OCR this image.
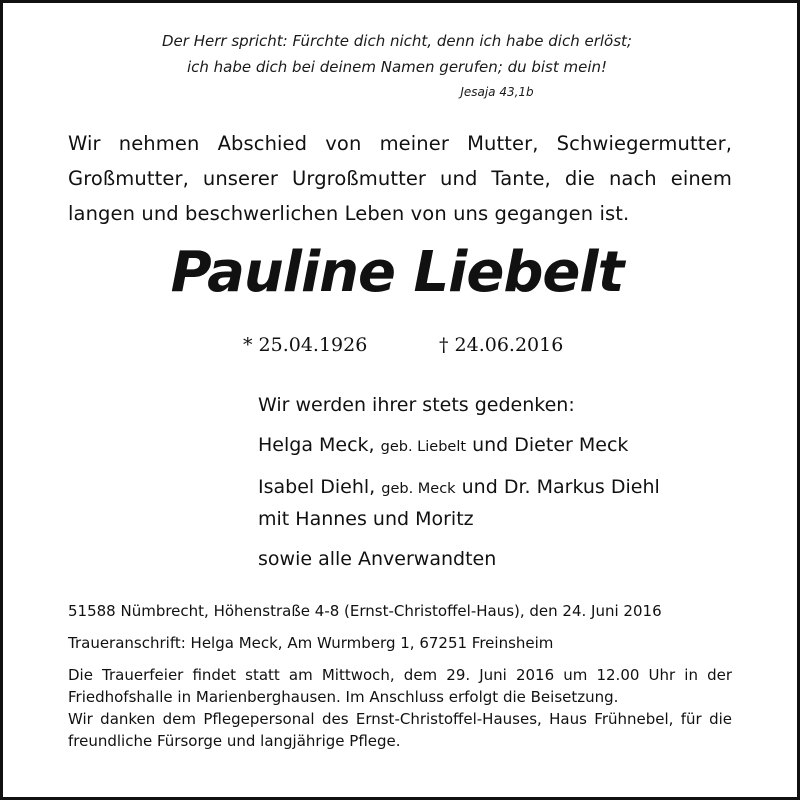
Der Herr spricht: Fürchte dich nicht, denn ich habe dich erlöst;
ich habe dich bei deinem Namen gerufen; du bist mein!
Jesaja 43,1b
Wir nehmen Abschied von meiner Mutter, Schwiegermutter, Großmutter, unserer Urgroßmutter und Tante, die nach einem langen und beschwerlichen Leben von uns gegangen ist.
Pauline Liebelt
* 25.04.1926	† 24.06.2016
Wir werden ihrer stets gedenken:
Helga Meck, geb. Liebelt und Dieter Meck
Isabel Diehl, geb. Meck und Dr. Markus Diehl
mit Hannes und Moritz
sowie alle Anverwandten
51588 Nümbrecht, Höhenstraße 4-8 (Ernst-Christoffel-Haus), den 24. Juni 2016
Traueranschrift: Helga Meck, Am Wurmberg 1, 67251 Freinsheim
Die Trauerfeier findet statt am Mittwoch, dem 29. Juni 2016 um 12.00 Uhr in der Friedhofshalle in Marienberghausen. Im Anschluss erfolgt die Beisetzung.
Wir danken dem Pflegepersonal des Ernst-Christoffel-Hauses, Haus Frühnebel, für die freundliche Fürsorge und langjährige Pflege.
